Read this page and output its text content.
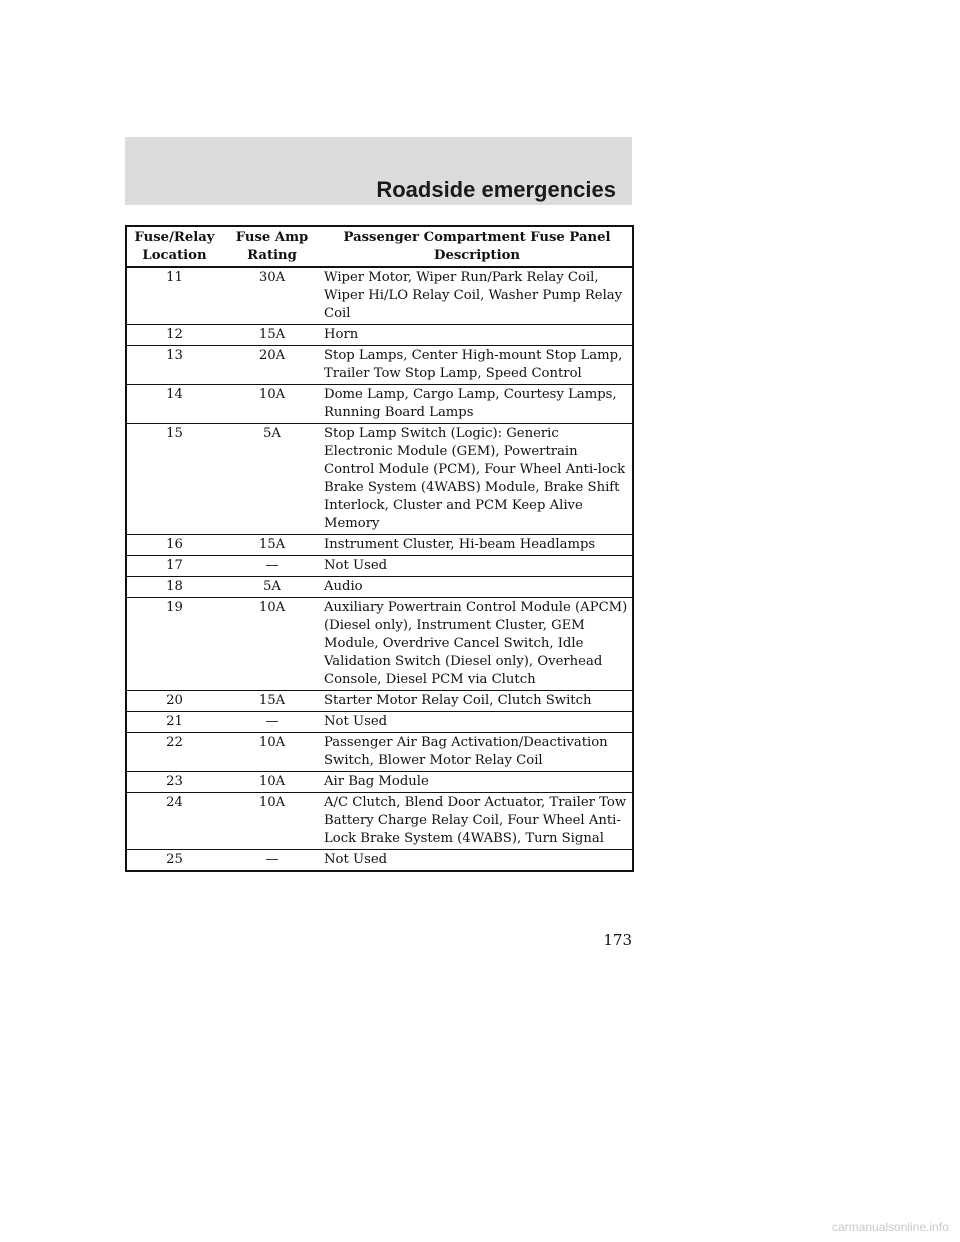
Roadside emergencies
Fuse/Relay Location	Fuse Amp Rating	Passenger Compartment Fuse Panel Description
11	30A	Wiper Motor, Wiper Run/Park Relay Coil, Wiper Hi/LO Relay Coil, Washer Pump Relay Coil
12	15A	Horn
13	20A	Stop Lamps, Center High-mount Stop Lamp, Trailer Tow Stop Lamp, Speed Control
14	10A	Dome Lamp, Cargo Lamp, Courtesy Lamps, Running Board Lamps
15	5A	Stop Lamp Switch (Logic): Generic Electronic Module (GEM), Powertrain Control Module (PCM), Four Wheel Anti-lock Brake System (4WABS) Module, Brake Shift Interlock, Cluster and PCM Keep Alive Memory
16	15A	Instrument Cluster, Hi-beam Headlamps
17	—	Not Used
18	5A	Audio
19	10A	Auxiliary Powertrain Control Module (APCM) (Diesel only), Instrument Cluster, GEM Module, Overdrive Cancel Switch, Idle Validation Switch (Diesel only), Overhead Console, Diesel PCM via Clutch
20	15A	Starter Motor Relay Coil, Clutch Switch
21	—	Not Used
22	10A	Passenger Air Bag Activation/Deactivation Switch, Blower Motor Relay Coil
23	10A	Air Bag Module
24	10A	A/C Clutch, Blend Door Actuator, Trailer Tow Battery Charge Relay Coil, Four Wheel Anti-Lock Brake System (4WABS), Turn Signal
25	—	Not Used
173
carmanualsonline.info
